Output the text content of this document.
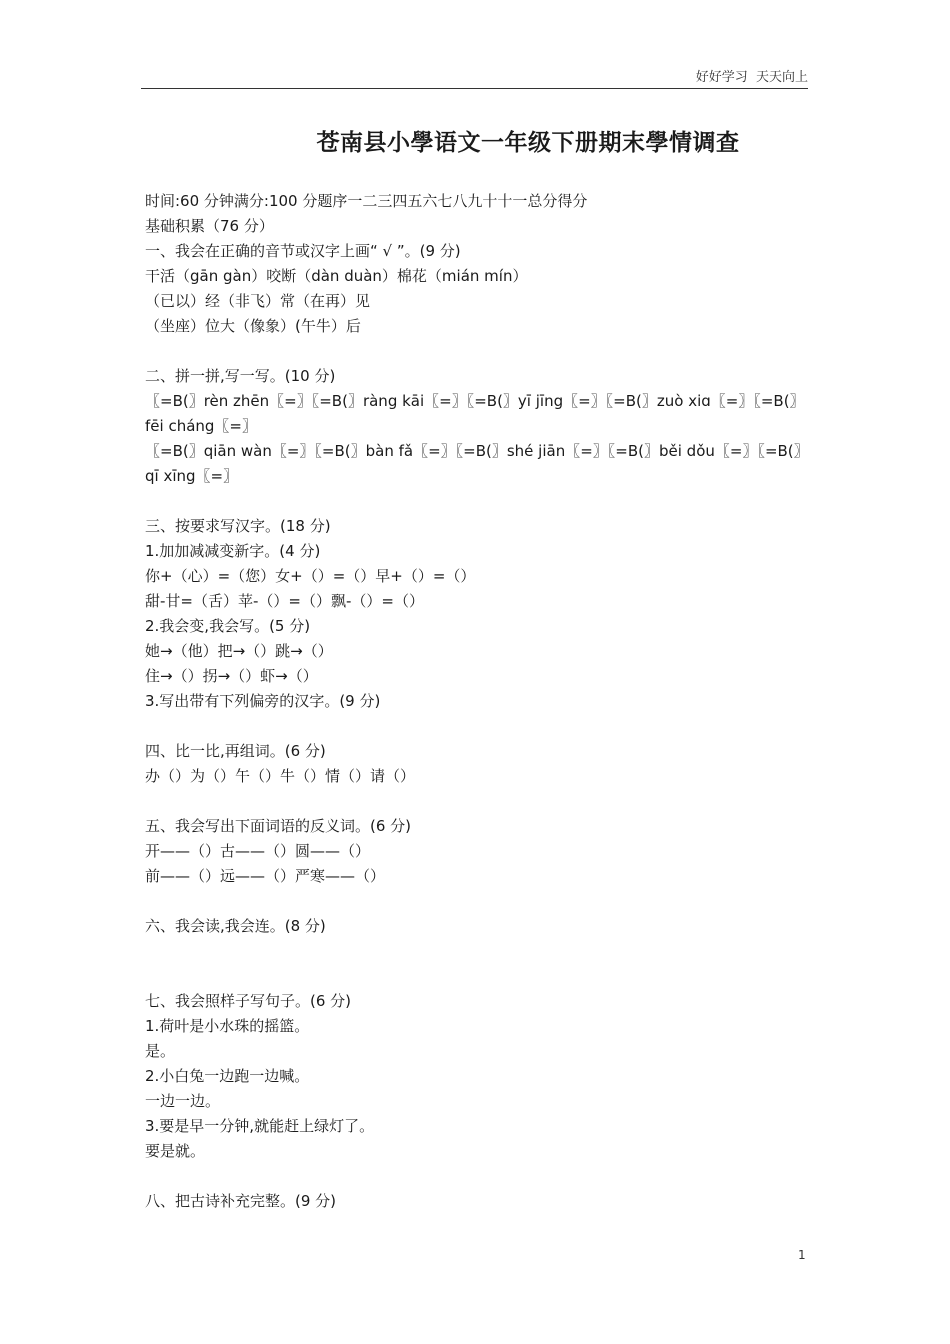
好好学习  天天向上
苍南县小學语文一年级下册期末學情调查
时间:60 分钟满分:100 分题序一二三四五六七八九十十一总分得分
基础积累（76 分）
一、我会在正确的音节或汉字上画“ √ ”。(9 分)
干活（gān gàn）咬断（dàn duàn）棉花（mián mín）
（已以）经（非飞）常（在再）见
（坐座）位大（像象）(午牛）后
二、拼一拼,写一写。(10 分)
〖=B(〗rèn zhēn〖=〗〖=B(〗ràng kāi〖=〗〖=B(〗yī jīng〖=〗〖=B(〗zuò xiɑ〖=〗〖=B(〗fēi cháng〖=〗
〖=B(〗qiān wàn〖=〗〖=B(〗bàn fǎ〖=〗〖=B(〗shé jiān〖=〗〖=B(〗běi dǒu〖=〗〖=B(〗qī xīng〖=〗
三、按要求写汉字。(18 分)
1.加加减减变新字。(4 分)
你+（心）=（您）女+（）=（）早+（）=（）
甜-甘=（舌）苹-（）=（）飘-（）=（）
2.我会变,我会写。(5 分)
她→（他）把→（）跳→（）
住→（）拐→（）虾→（）
3.写出带有下列偏旁的汉字。(9 分)
四、比一比,再组词。(6 分)
办（）为（）午（）牛（）情（）请（）
五、我会写出下面词语的反义词。(6 分)
开——（）古——（）圆——（）
前——（）远——（）严寒——（）
六、我会读,我会连。(8 分)
七、我会照样子写句子。(6 分)
1.荷叶是小水珠的摇篮。
是。
2.小白兔一边跑一边喊。
一边一边。
3.要是早一分钟,就能赶上绿灯了。
要是就。
八、把古诗补充完整。(9 分)
1
